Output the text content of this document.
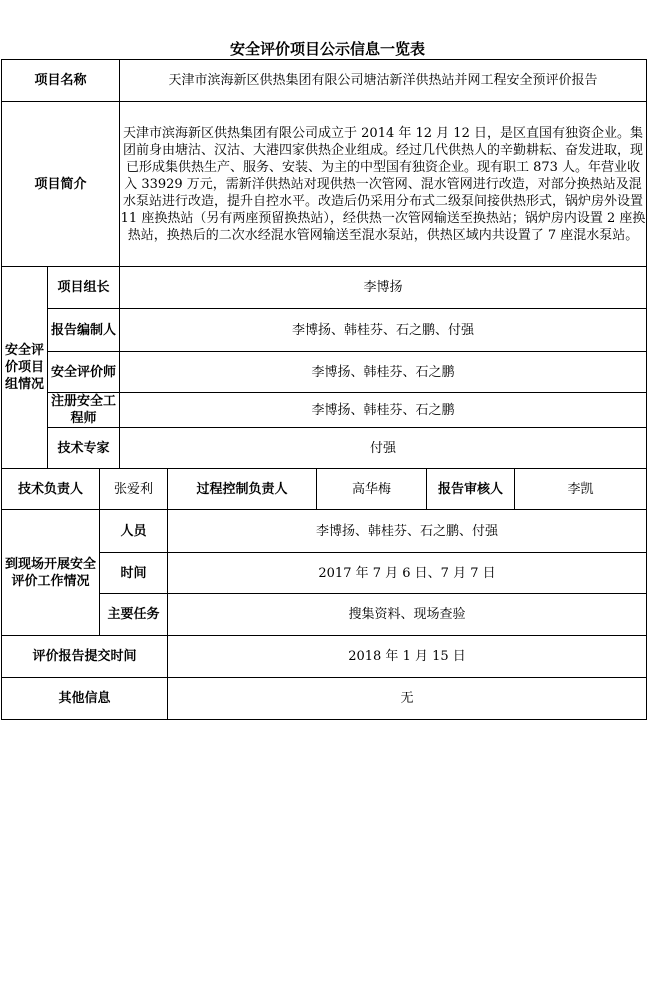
安全评价项目公示信息一览表
项目名称			天津市滨海新区供热集团有限公司塘沽新洋供热站并网工程安全预评价报告				
项目简介			天津市滨海新区供热集团有限公司成立于 2014 年 12 月 12 日，是区直国有独资企业。集团前身由塘沽、汉沽、大港四家供热企业组成。经过几代供热人的辛勤耕耘、奋发进取，现已形成集供热生产、服务、安装、为主的中型国有独资企业。现有职工 873 人。年营业收入 33929 万元，需新洋供热站对现供热一次管网、混水管网进行改造，对部分换热站及混水泵站进行改造，提升自控水平。改造后仍采用分布式二级泵间接供热形式，锅炉房外设置 11 座换热站（另有两座预留换热站），经供热一次管网输送至换热站；锅炉房内设置 2 座换热站，换热后的二次水经混水管网输送至混水泵站，供热区域内共设置了 7 座混水泵站。				
安全评价项目组情况	项目组长		李博扬				
	报告编制人		李博扬、韩桂芬、石之鹏、付强				
	安全评价师		李博扬、韩桂芬、石之鹏				
	注册安全工程师		李博扬、韩桂芬、石之鹏				
	技术专家		付强				
技术负责人		张爱利		过程控制负责人	高华梅	报告审核人	李凯
到现场开展安全评价工作情况		人员		李博扬、韩桂芬、石之鹏、付强			
		时间		2017 年 7 月 6 日、7 月 7 日			
		主要任务		搜集资料、现场查验			
评价报告提交时间				2018 年 1 月 15 日			
其他信息				无			
